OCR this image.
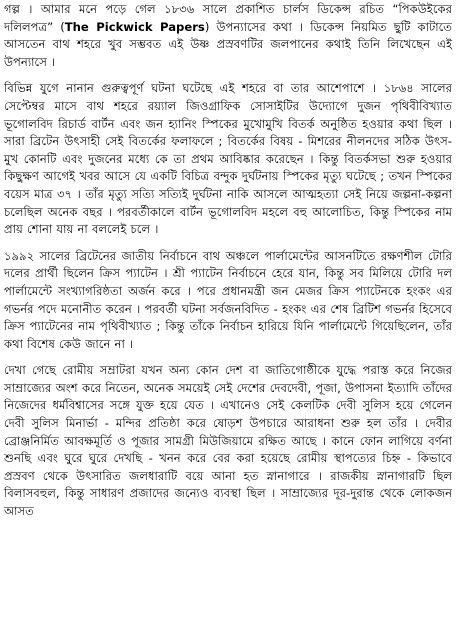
গল্প । আমার মনে পড়ে গেল ১৮৩৬ সালে প্রকাশিত চার্লস ডিকেন্স রচিত “পিকউইকের দলিলপত্র” (The Pickwick Papers) উপন্যাসের কথা । ডিকেন্স নিয়মিত ছুটি কাটাতে আসতেন বাথ শহরে খুব সম্ভবত এই উষ্ণ প্রস্রবণটির জলপানের কথাই তিনি লিখেছেন এই উপন্যাসে ।

বিভিন্ন যুগে নানান গুরুত্বপূর্ণ ঘটনা ঘটেছে এই শহরে বা তার আশেপাশে । ১৮৬৪ সালের সেপ্টেম্বর মাসে বাথ শহরে রয়্যাল জিওগ্রাফিক সোসাইটির উদ্যোগে দুজন পৃথিবীবিখ্যাত ভূগোলবিদ রিচার্ড বার্টন এবং জন হ্যানিং স্পিকের মুখোমুখি বিতর্ক অনুষ্ঠিত হওয়ার কথা ছিল । সারা ব্রিটেন উৎসাহী সেই বিতর্কের ফলাফলে ; বিতর্কের বিষয় - মিশরের নীলনদের সঠিক উৎস-মুখ কোনটি এবং দুজনের মধ্যে কে তা প্রথম আবিষ্কার করেছেন । কিন্তু বিতর্কসভা শুরু হওয়ার কিছুক্ষণ আগেই খবর আসে যে একটি বিচিত্র বন্দুক দুর্ঘটনায় স্পিকের মৃত্যু ঘটেছে ; তখন স্পিকের বয়েস মাত্র ৩৭ । তাঁর মৃত্যু সত্যি সত্যিই দুর্ঘটনা নাকি আসলে আত্মহত্যা সেই নিয়ে জল্পনা-কল্পনা চলেছিল অনেক বছর । পরবর্তীকালে বার্টন ভূগোলবিদ মহলে বহু আলোচিত, কিন্তু স্পিকের নাম প্রায় শোনা যায় না বললেই চলে ।

১৯৯২ সালের ব্রিটেনের জাতীয় নির্বাচনে বাথ অঞ্চলে পার্লামেন্টের আসনটিতে রক্ষণশীল টোরি দলের প্রার্থী ছিলেন ক্রিস প্যাটেন । শ্রী প্যাটেন নির্বাচনে হেরে যান, কিন্তু সব মিলিয়ে টোরি দল পার্লামেন্টে সংখ্যাগরিষ্ঠতা অর্জন করে । পরে প্রধানমন্ত্রী জন মেজর ক্রিস প্যাটেনকে হংকং এর গভর্নর পদে মনোনীত করেন । পরবর্তী ঘটনা সর্বজনবিদিত - হংকং এর শেষ ব্রিটিশ গভর্নর হিসেবে ক্রিস প্যাটেনের নাম পৃথিবীখ্যাত ; কিন্তু তাঁকে নির্বাচন হারিয়ে যিনি পার্লামেন্টে গিয়েছিলেন, তাঁর কথা বিশেষ কেউ জানে না ।

দেখা গেছে রোমীয় সম্রাটরা যখন অন্য কোন দেশ বা জাতিগোষ্ঠীকে যুদ্ধে পরাস্ত করে নিজের সাম্রাজ্যের অংশ করে নিতেন, অনেক সময়েই সেই দেশের দেবদেবী, পূজা, উপাসনা ইত্যাদি তাঁদের নিজেদের ধর্মবিশ্বাসের সঙ্গে যুক্ত হয়ে যেত । এখানেও সেই কেলটিক দেবী সুলিস হয়ে গেলেন দেবী সুলিস মিনার্ভা - মন্দির প্রতিষ্ঠা করে ষোড়শ উপচারে আরাধনা শুরু হল তাঁর । দেবীর ব্রোঞ্জনির্মিত আবক্ষমূর্তি ও পূজার সামগ্রী মিউজিয়ামে রক্ষিত আছে । কানে ফোন লাগিয়ে বর্ণনা শুনছি এবং ঘুরে ঘুরে দেখছি - খনন করে বের করা হয়েছে রোমীয় স্থাপত্যের চিহ্ন - কিভাবে প্রস্রবণ থেকে উৎসারিত জলধারাটি বয়ে আনা হত স্নানাগারে । রাজকীয় স্নানাগারটি ছিল বিলাসবহুল, কিন্তু সাধারণ প্রজাদের জন্যেও ব্যবস্থা ছিল । সাম্রাজ্যের দূর-দুরান্ত থেকে লোকজন আসত
